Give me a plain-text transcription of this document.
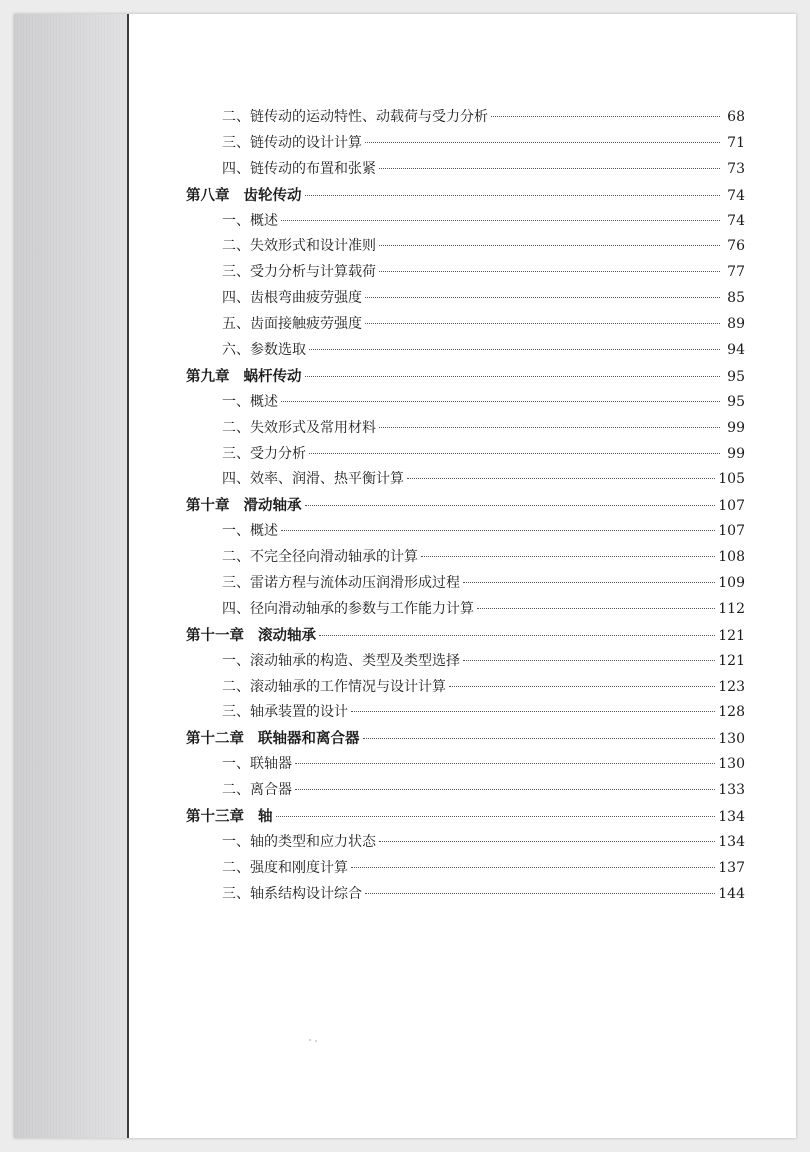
二、链传动的运动特性、动载荷与受力分析	68
三、链传动的设计计算	71
四、链传动的布置和张紧	73
第八章 齿轮传动	74
一、概述	74
二、失效形式和设计准则	76
三、受力分析与计算载荷	77
四、齿根弯曲疲劳强度	85
五、齿面接触疲劳强度	89
六、参数选取	94
第九章 蜗杆传动	95
一、概述	95
二、失效形式及常用材料	99
三、受力分析	99
四、效率、润滑、热平衡计算	105
第十章 滑动轴承	107
一、概述	107
二、不完全径向滑动轴承的计算	108
三、雷诺方程与流体动压润滑形成过程	109
四、径向滑动轴承的参数与工作能力计算	112
第十一章 滚动轴承	121
一、滚动轴承的构造、类型及类型选择	121
二、滚动轴承的工作情况与设计计算	123
三、轴承装置的设计	128
第十二章 联轴器和离合器	130
一、联轴器	130
二、离合器	133
第十三章 轴	134
一、轴的类型和应力状态	134
二、强度和刚度计算	137
三、轴系结构设计综合	144
